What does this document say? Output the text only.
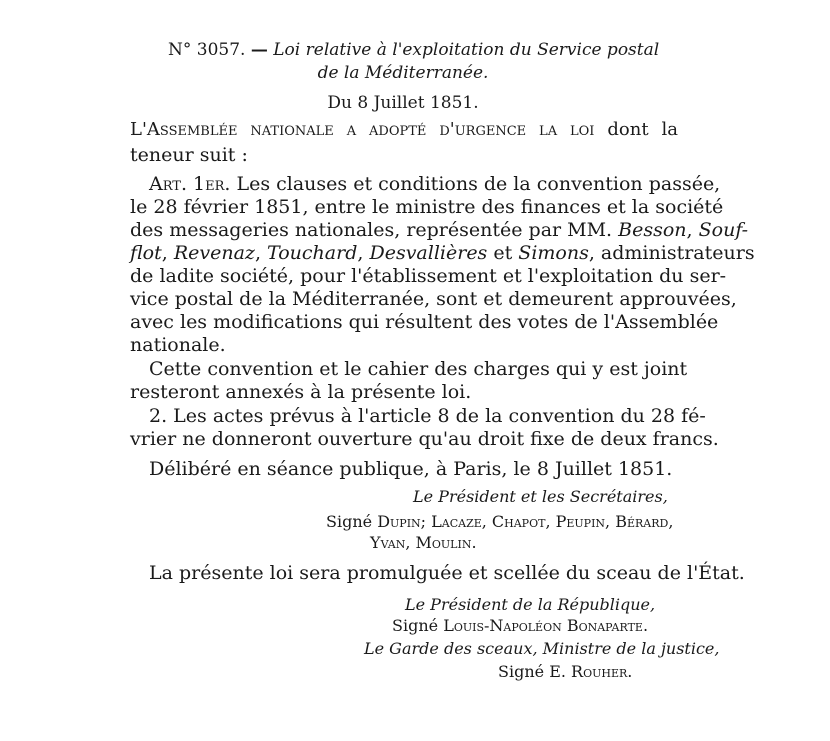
N° 3057. — Loi relative à l'exploitation du Service postal
de la Méditerranée.
Du 8 Juillet 1851.
L'Assemblée nationale a adopté d'urgence la loi dont la
teneur suit :
Art. 1er. Les clauses et conditions de la convention passée,
le 28 février 1851, entre le ministre des finances et la société
des messageries nationales, représentée par MM. Besson, Souf-
flot, Revenaz, Touchard, Desvallières et Simons, administrateurs
de ladite société, pour l'établissement et l'exploitation du ser-
vice postal de la Méditerranée, sont et demeurent approuvées,
avec les modifications qui résultent des votes de l'Assemblée
nationale.
Cette convention et le cahier des charges qui y est joint
resteront annexés à la présente loi.
2. Les actes prévus à l'article 8 de la convention du 28 fé-
vrier ne donneront ouverture qu'au droit fixe de deux francs.
Délibéré en séance publique, à Paris, le 8 Juillet 1851.
Le Président et les Secrétaires,
Signé Dupin; Lacaze, Chapot, Peupin, Bérard,
Yvan, Moulin.
La présente loi sera promulguée et scellée du sceau de l'État.
Le Président de la République,
Signé Louis-Napoléon Bonaparte.
Le Garde des sceaux, Ministre de la justice,
Signé E. Rouher.
